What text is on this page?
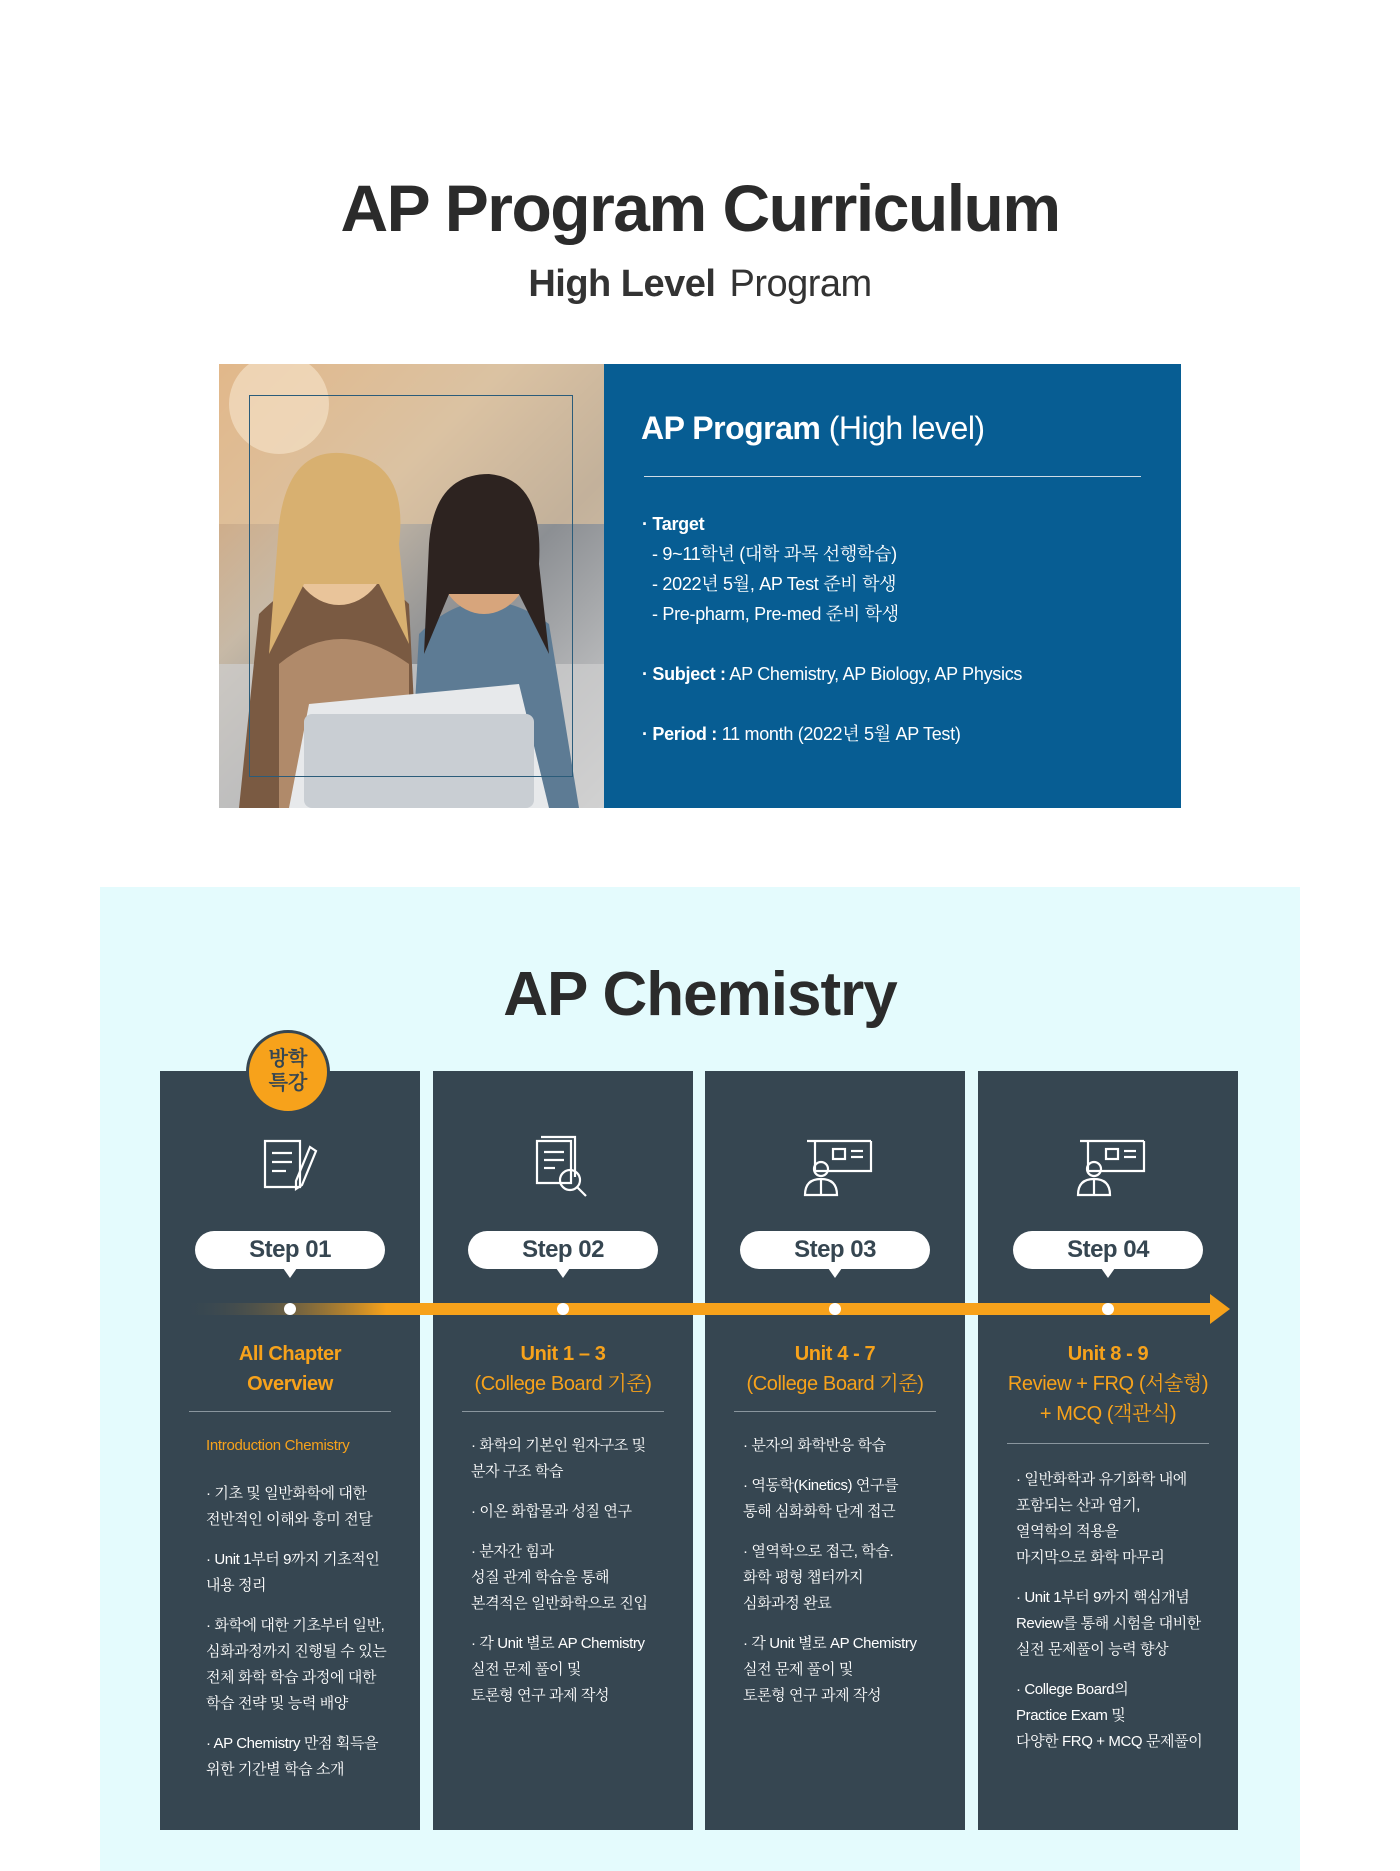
AP Program Curriculum
High Level Program
AP Program (High level)
· Target
- 9~11학년 (대학 과목 선행학습)
- 2022년 5월, AP Test 준비 학생
- Pre-pharm, Pre-med 준비 학생
· Subject : AP Chemistry, AP Biology, AP Physics
· Period : 11 month (2022년 5월 AP Test)
AP Chemistry
방학
특강
Step 01
All Chapter
Overview
Introduction Chemistry
· 기초 및 일반화학에 대한
전반적인 이해와 흥미 전달
· Unit 1부터 9까지 기초적인
내용 정리
· 화학에 대한 기초부터 일반,
심화과정까지 진행될 수 있는
전체 화학 학습 과정에 대한
학습 전략 및 능력 배양
· AP Chemistry 만점 획득을
위한 기간별 학습 소개
Step 02
Unit 1 – 3
(College Board 기준)
· 화학의 기본인 원자구조 및
분자 구조 학습
· 이온 화합물과 성질 연구
· 분자간 힘과
성질 관계 학습을 통해
본격적은 일반화학으로 진입
· 각 Unit 별로 AP Chemistry
실전 문제 풀이 및
토론형 연구 과제 작성
Step 03
Unit 4 - 7
(College Board 기준)
· 분자의 화학반응 학습
· 역동학(Kinetics) 연구를
통해 심화화학 단계 접근
· 열역학으로 접근, 학습.
화학 평형 챕터까지
심화과정 완료
· 각 Unit 별로 AP Chemistry
실전 문제 풀이 및
토론형 연구 과제 작성
Step 04
Unit 8 - 9
Review + FRQ (서술형)
+ MCQ (객관식)
· 일반화학과 유기화학 내에
포함되는 산과 염기,
열역학의 적용을
마지막으로 화학 마무리
· Unit 1부터 9까지 핵심개념
Review를 통해 시험을 대비한
실전 문제풀이 능력 향상
· College Board의
Practice Exam 및
다양한 FRQ + MCQ 문제풀이
